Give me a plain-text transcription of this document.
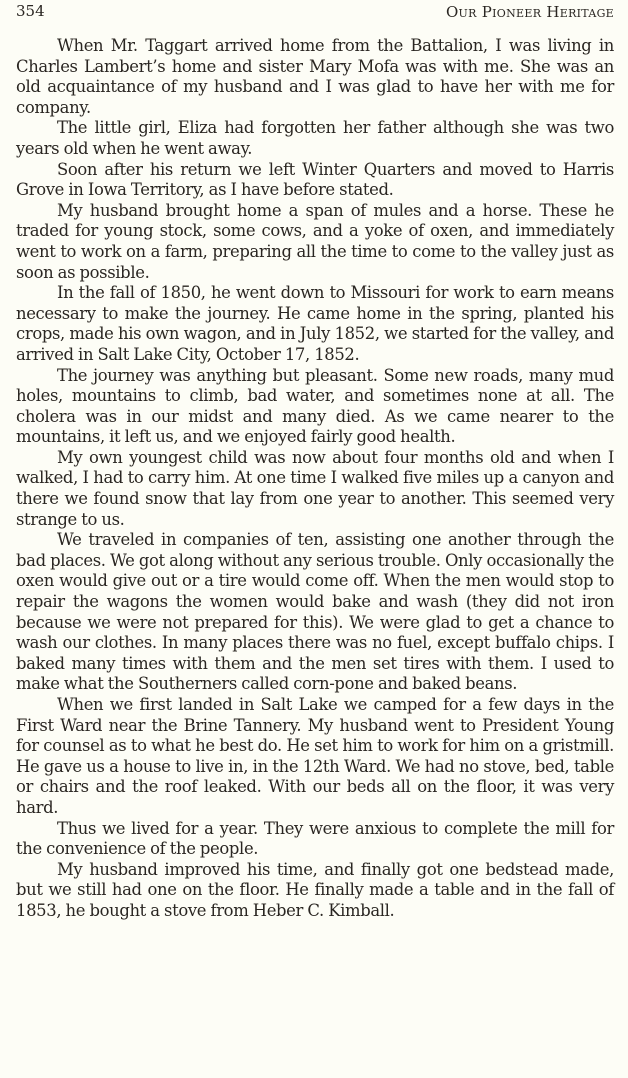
354	Our Pioneer Heritage

When Mr. Taggart arrived home from the Battalion, I was living in Charles Lambert’s home and sister Mary Mofa was with me. She was an old acquaintance of my husband and I was glad to have her with me for company.

The little girl, Eliza had forgotten her father although she was two years old when he went away.

Soon after his return we left Winter Quarters and moved to Harris Grove in Iowa Territory, as I have before stated.

My husband brought home a span of mules and a horse. These he traded for young stock, some cows, and a yoke of oxen, and immediately went to work on a farm, preparing all the time to come to the valley just as soon as possible.

In the fall of 1850, he went down to Missouri for work to earn means necessary to make the journey. He came home in the spring, planted his crops, made his own wagon, and in July 1852, we started for the valley, and arrived in Salt Lake City, October 17, 1852.

The journey was anything but pleasant. Some new roads, many mud holes, mountains to climb, bad water, and sometimes none at all. The cholera was in our midst and many died. As we came nearer to the mountains, it left us, and we enjoyed fairly good health.

My own youngest child was now about four months old and when I walked, I had to carry him. At one time I walked five miles up a canyon and there we found snow that lay from one year to another. This seemed very strange to us.

We traveled in companies of ten, assisting one another through the bad places. We got along without any serious trouble. Only occasionally the oxen would give out or a tire would come off. When the men would stop to repair the wagons the women would bake and wash (they did not iron because we were not prepared for this). We were glad to get a chance to wash our clothes. In many places there was no fuel, except buffalo chips. I baked many times with them and the men set tires with them. I used to make what the Southerners called corn-pone and baked beans.

When we first landed in Salt Lake we camped for a few days in the First Ward near the Brine Tannery. My husband went to President Young for counsel as to what he best do. He set him to work for him on a gristmill. He gave us a house to live in, in the 12th Ward. We had no stove, bed, table or chairs and the roof leaked. With our beds all on the floor, it was very hard.

Thus we lived for a year. They were anxious to complete the mill for the convenience of the people.

My husband improved his time, and finally got one bedstead made, but we still had one on the floor. He finally made a table and in the fall of 1853, he bought a stove from Heber C. Kimball.
